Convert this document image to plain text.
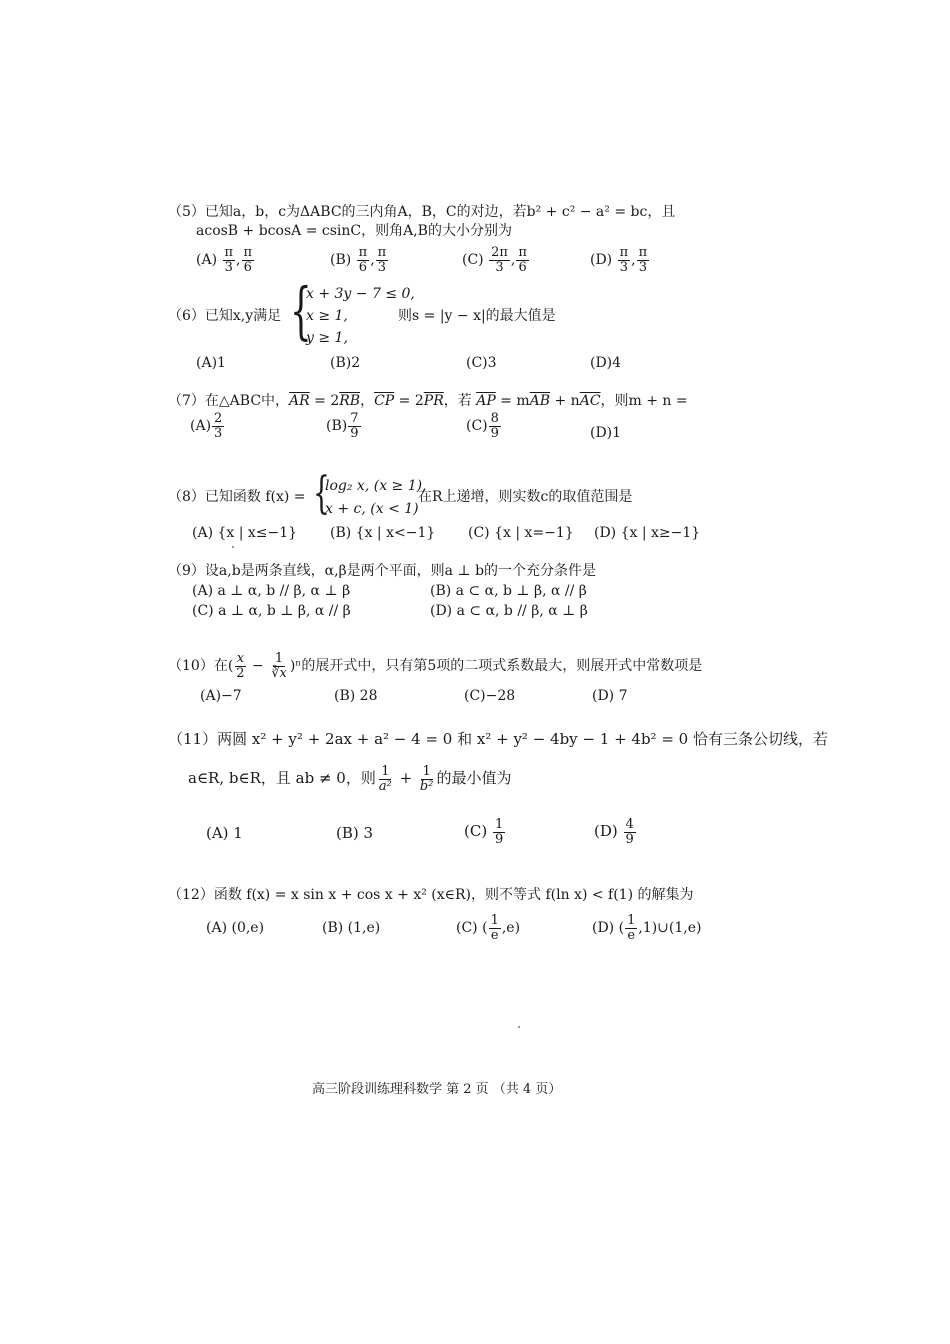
（5）已知a，b，c为ΔABC的三内角A，B，C的对边，若b² + c² − a² = bc，且
acosB + bcosA = csinC，则角A,B的大小分别为
$(A) \frac{\pi}{3}$ , $\frac{\pi}{6}$	$(B) \frac{\pi}{6}$ , $\frac{\pi}{3}$	$(C) \frac{2\pi}{3}$ , $\frac{\pi}{6}$	$(D) \frac{\pi}{3}$ , $\frac{\pi}{3}$
（6）已知x,y满足 {
x + 3y − 7 ≤ 0,
x ≥ 1,
y ≥ 1,
则s = |y − x|的最大值是
(A)1	(B)2	(C)3	(D)4
（7）在△ABC中，$\overline{AR} = 2\overline{RB}$，$\overline{CP} = 2\overline{PR}$，若 $\overline{AP} = m\overline{AB} + n\overline{AC}$，则m + n =
$(A) \frac{2}{3}$	$(B) \frac{7}{9}$	$(C) \frac{8}{9}$	(D)1
（8）已知函数 f(x) = {
log₂ x, (x ≥ 1),
x + c, (x < 1)
在R上递增，则实数c的取值范围是
(A) {x | x≤−1} (B) {x | x<−1} (C) {x | x=−1} (D) {x | x≥−1}
（9）设a,b是两条直线，α,β是两个平面，则a ⊥ b的一个充分条件是
(A) a ⊥ α, b // β, α ⊥ β	(B) a ⊂ α, b ⊥ β, α // β
(C) a ⊥ α, b ⊥ β, α // β	(D) a ⊂ α, b // β, α ⊥ β
（10）在( $\frac{x}{2} - \frac{1}{∛x} )^n$的展开式中，只有第5项的二项式系数最大，则展开式中常数项是
(A)−7	(B) 28	(C)−28	(D) 7
（11）两圆 x² + y² + 2ax + a² − 4 = 0 和 x² + y² − 4by − 1 + 4b² = 0 恰有三条公切线，若
a∈R, b∈R，且 ab ≠ 0，则 $\frac{1}{\text{a²}} + \frac{1}{\text{b²}}$ 的最小值为
(A) 1	(B) 3	$(C) \frac{1}{9}$	$(D) \frac{4}{9}$
（12）函数 f(x) = x sin x + cos x + x² (x∈R)，则不等式 f(ln x) < f(1) 的解集为
(A) (0,e)	(B) (1,e)	(C) ( $\frac{1}{e} ,e$)	(D) ( $\frac{1}{e}$ ,1)∪(1,e)
高三阶段训练理科数学 第 2 页 （共 4 页）
